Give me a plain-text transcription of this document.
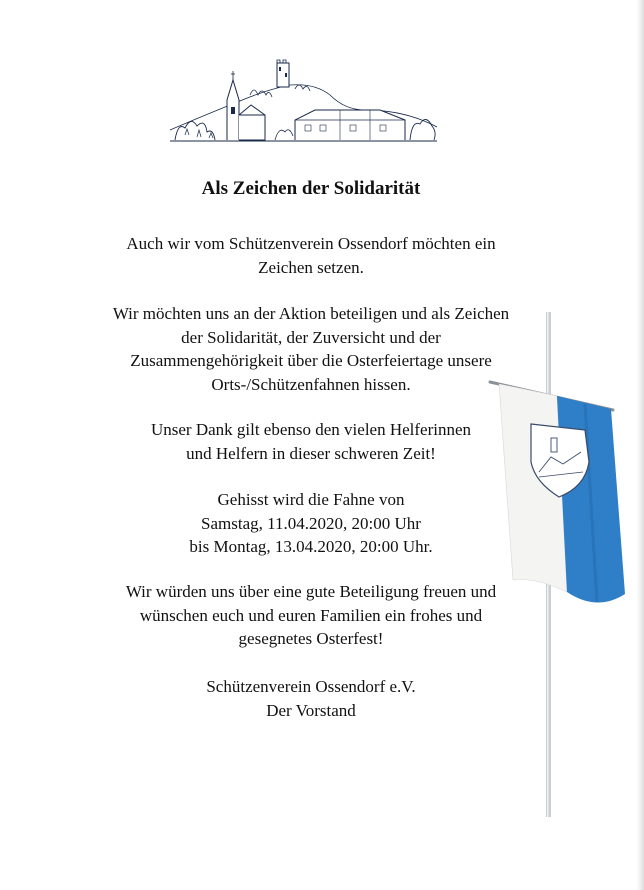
Als Zeichen der Solidarität

Auch wir vom Schützenverein Ossendorf möchten ein
Zeichen setzen.

Wir möchten uns an der Aktion beteiligen und als Zeichen
der Solidarität, der Zuversicht und der
Zusammengehörigkeit über die Osterfeiertage unsere
Orts-/Schützenfahnen hissen.

Unser Dank gilt ebenso den vielen Helferinnen
und Helfern in dieser schweren Zeit!

Gehisst wird die Fahne von
Samstag, 11.04.2020, 20:00 Uhr
bis Montag, 13.04.2020, 20:00 Uhr.

Wir würden uns über eine gute Beteiligung freuen und
wünschen euch und euren Familien ein frohes und
gesegnetes Osterfest!

Schützenverein Ossendorf e.V.
Der Vorstand
